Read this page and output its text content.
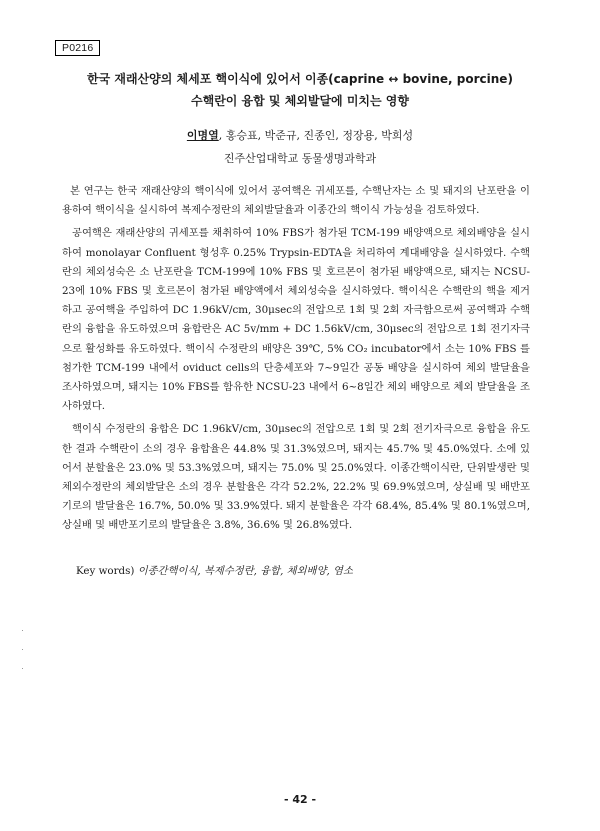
P0216
한국 재래산양의 체세포 핵이식에 있어서 이종(caprine ↔ bovine, porcine)
수핵란이 융합 및 체외발달에 미치는 영향
이명열, 홍승표, 박준규, 진종인, 정장용, 박희성
진주산업대학교 동물생명과학과

본 연구는 한국 재래산양의 핵이식에 있어서 공여핵은 귀세포를, 수핵난자는 소 및 돼지의 난포란을 이용하여 핵이식을 실시하여 복제수정란의 체외발달율과 이종간의 핵이식 가능성을 검토하였다.

공여핵은 재래산양의 귀세포를 채취하여 10% FBS가 첨가된 TCM-199 배양액으로 체외배양을 실시하여 monolayar Confluent 형성후 0.25% Trypsin-EDTA을 처리하여 계대배양을 실시하였다. 수핵란의 체외성숙은 소 난포란을 TCM-199에 10% FBS 및 호르몬이 첨가된 배양액으로, 돼지는 NCSU-23에 10% FBS 및 호르몬이 첨가된 배양액에서 체외성숙을 실시하였다. 핵이식은 수핵란의 핵을 제거하고 공여핵을 주입하여 DC 1.96kV/cm, 30μsec의 전압으로 1회 및 2회 자극함으로써 공여핵과 수핵란의 융합을 유도하였으며 융합란은 AC 5v/mm + DC 1.56kV/cm, 30μsec의 전압으로 1회 전기자극으로 활성화를 유도하였다. 핵이식 수정란의 배양은 39℃, 5% CO₂ incubator에서 소는 10% FBS 를 첨가한 TCM-199 내에서 oviduct cells의 단층세포와 7∼9일간 공동 배양을 실시하여 체외 발달율을 조사하였으며, 돼지는 10% FBS를 함유한 NCSU-23 내에서 6∼8일간 체외 배양으로 체외 발달율을 조사하였다.

핵이식 수정란의 융합은 DC 1.96kV/cm, 30μsec의 전압으로 1회 및 2회 전기자극으로 융합을 유도한 결과 수핵란이 소의 경우 융합율은 44.8% 및 31.3%였으며, 돼지는 45.7% 및 45.0%였다. 소에 있어서 분할율은 23.0% 및 53.3%였으며, 돼지는 75.0% 및 25.0%였다. 이종간핵이식란, 단위발생란 및 체외수정란의 체외발달은 소의 경우 분할율은 각각 52.2%, 22.2% 및 69.9%였으며, 상실배 및 배반포기로의 발달율은 16.7%, 50.0% 및 33.9%였다. 돼지 분할율은 각각 68.4%, 85.4% 및 80.1%였으며, 상실배 및 배반포기로의 발달율은 3.8%, 36.6% 및 26.8%였다.

Key words) 이종간핵이식, 복제수정란, 융합, 체외배양, 염소
- 42 -
